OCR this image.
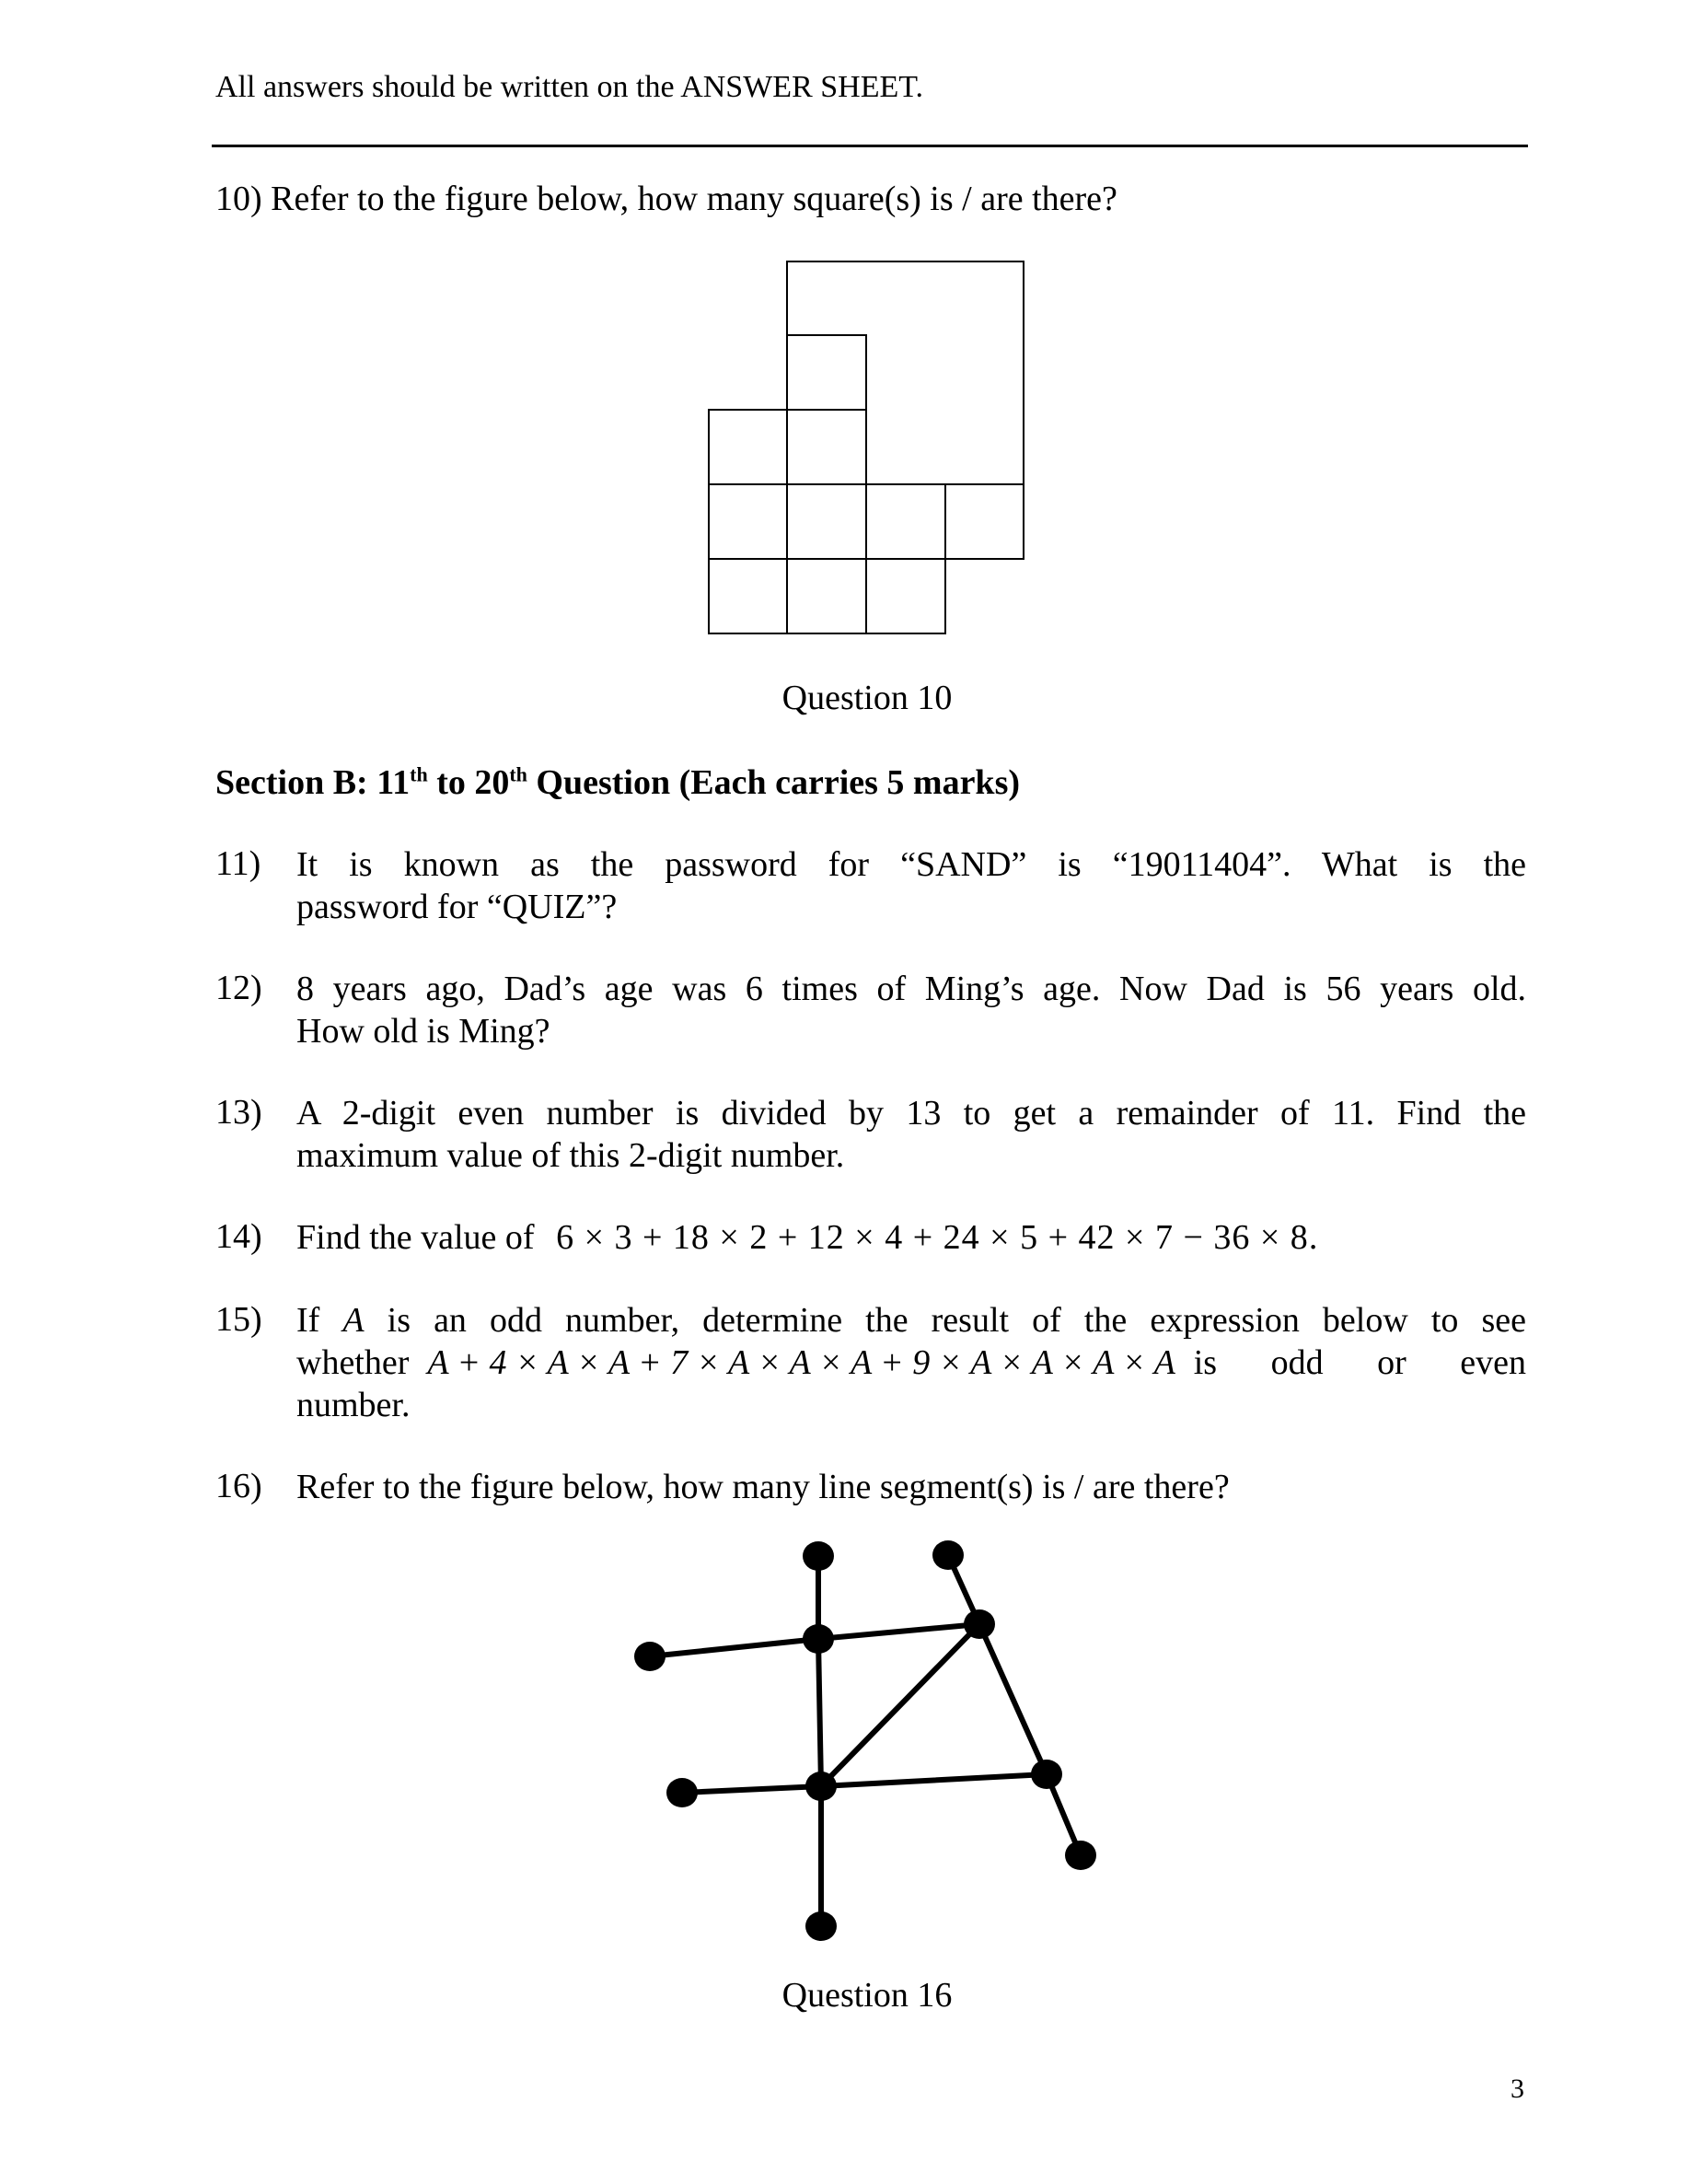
All answers should be written on the ANSWER SHEET.
10) Refer to the figure below, how many square(s) is / are there?
Question 10
Section B: 11th to 20th Question (Each carries 5 marks)
11) It is known as the password for “SAND” is “19011404”. What is the
password for “QUIZ”?
12) 8 years ago, Dad’s age was 6 times of Ming’s age. Now Dad is 56 years old.
How old is Ming?
13) A 2-digit even number is divided by 13 to get a remainder of 11. Find the
maximum value of this 2-digit number.
14) Find the value of 6 × 3 + 18 × 2 + 12 × 4 + 24 × 5 + 42 × 7 − 36 × 8.
15) If A is an odd number, determine the result of the expression below to see
whether A + 4 × A × A + 7 × A × A × A + 9 × A × A × A × A is   odd   or   even
number.
16) Refer to the figure below, how many line segment(s) is / are there?
Question 16
3
